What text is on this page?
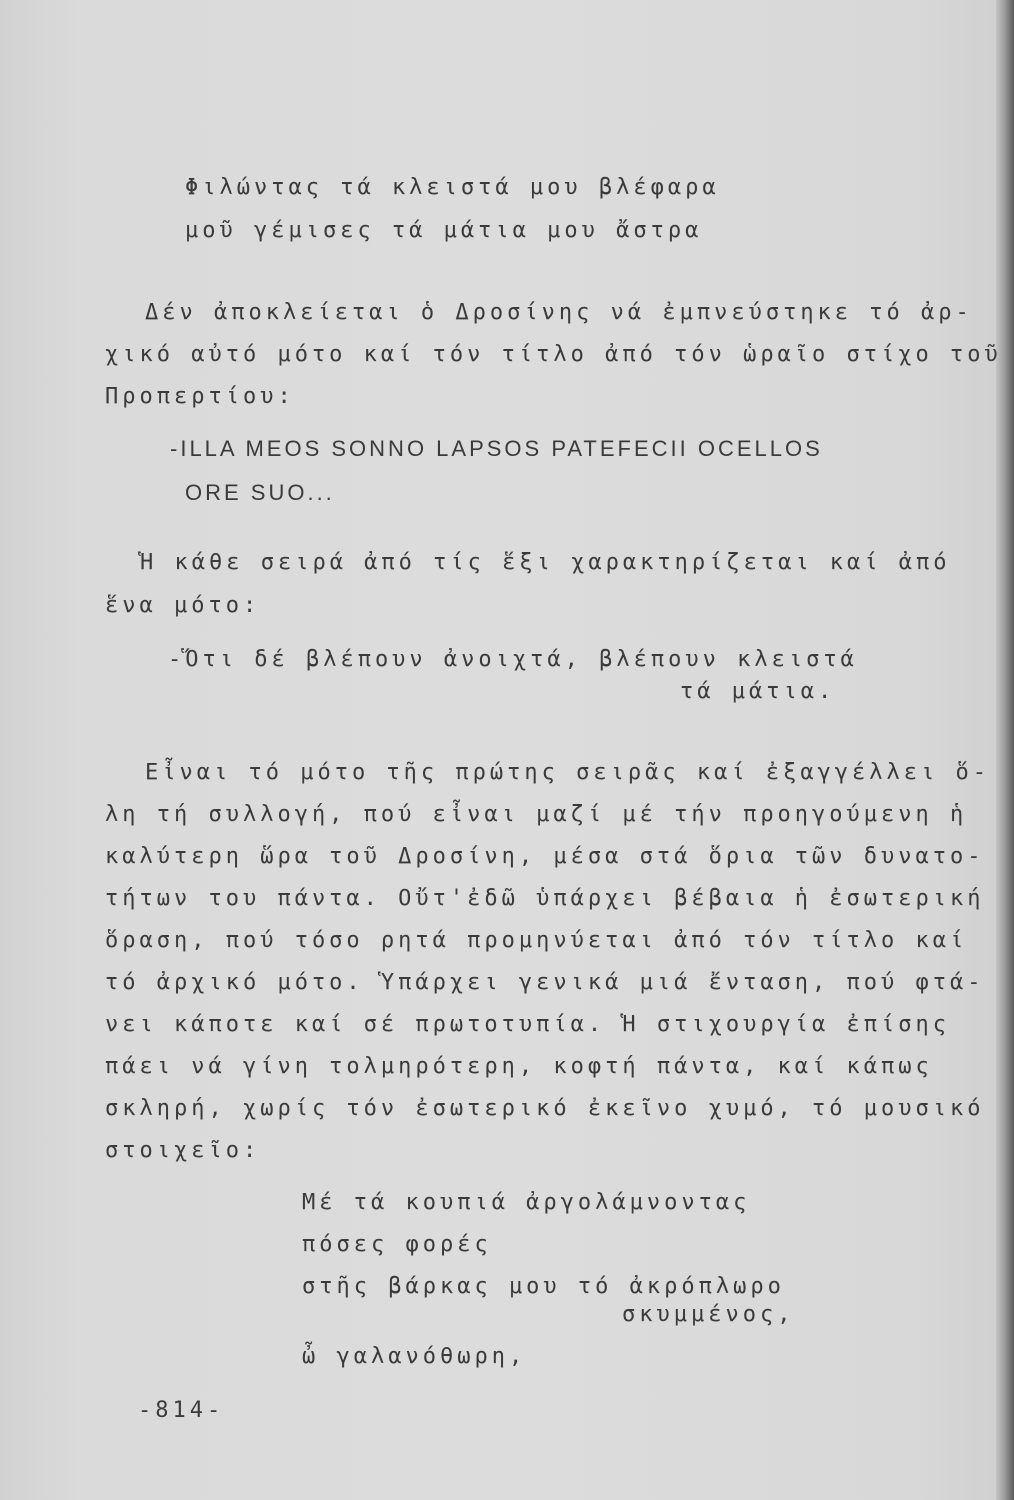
Φιλώντας τά κλειστά μου βλέφαρα
μοῦ γέμισες τά μάτια μου ἄστρα
Δέν ἀποκλείεται ὁ Δροσίνης νά ἐμπνεύστηκε τό ἀρ-
χικό αὐτό μότο καί τόν τίτλο ἀπό τόν ὡραῖο στίχο τοῦ
Προπερτίου:
-ILLA MEOS SONNO LAPSOS PATEFECII OCELLOS
ORE SUO...
Ἡ κάθε σειρά ἀπό τίς ἕξι χαρακτηρίζεται καί ἀπό
ἕνα μότο:
-Ὅτι δέ βλέπουν ἀνοιχτά, βλέπουν κλειστά
τά μάτια.
Εἶναι τό μότο τῆς πρώτης σειρᾶς καί ἐξαγγέλλει ὅ-
λη τή συλλογή, πού εἶναι μαζί μέ τήν προηγούμενη ἡ
καλύτερη ὥρα τοῦ Δροσίνη, μέσα στά ὅρια τῶν δυνατο-
τήτων του πάντα. Οὔτ'ἐδῶ ὑπάρχει βέβαια ἡ ἐσωτερική
ὅραση, πού τόσο ρητά προμηνύεται ἀπό τόν τίτλο καί
τό ἀρχικό μότο. Ὑπάρχει γενικά μιά ἔνταση, πού φτά-
νει κάποτε καί σέ πρωτοτυπία. Ἡ στιχουργία ἐπίσης
πάει νά γίνη τολμηρότερη, κοφτή πάντα, καί κάπως
σκληρή, χωρίς τόν ἐσωτερικό ἐκεῖνο χυμό, τό μουσικό
στοιχεῖο:
Μέ τά κουπιά ἀργολάμνοντας
πόσες φορές
στῆς βάρκας μου τό ἀκρόπλωρο
σκυμμένος,
ὦ γαλανόθωρη,
-814-
